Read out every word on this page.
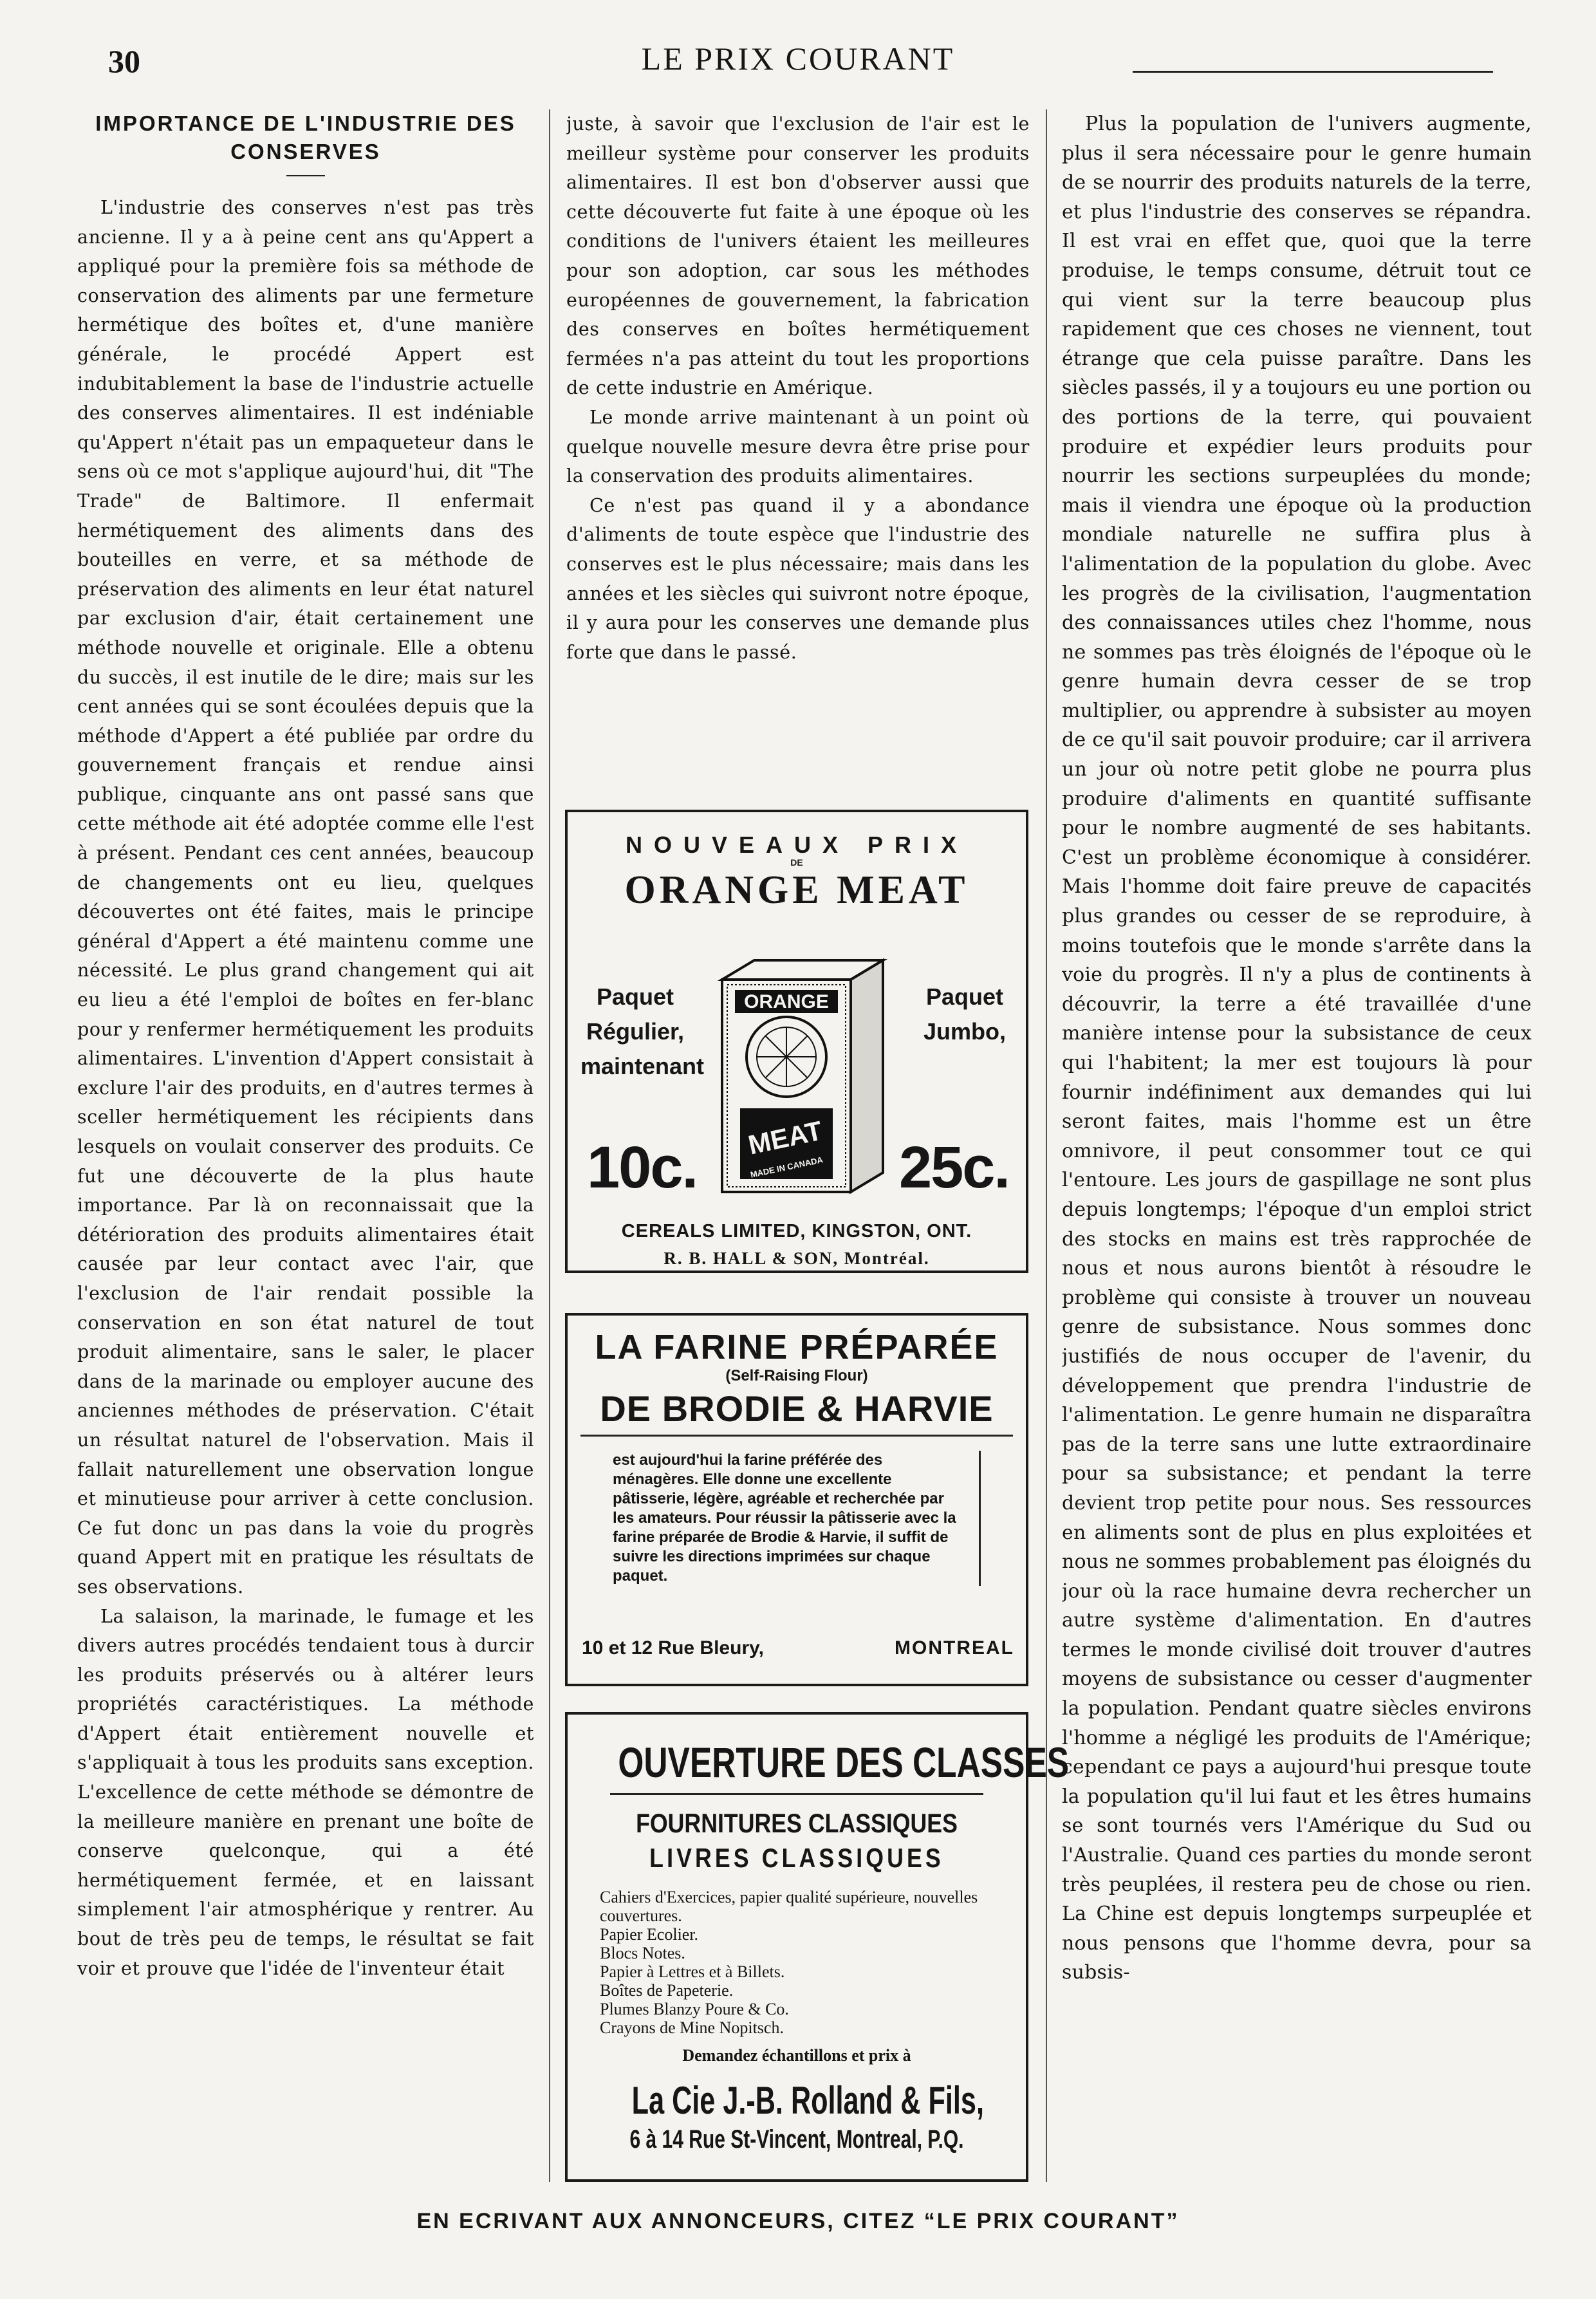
30	LE PRIX COURANT
IMPORTANCE DE L'INDUSTRIE DES CONSERVES

L'industrie des conserves n'est pas très ancienne. Il y a à peine cent ans qu'Appert a appliqué pour la première fois sa méthode de conservation des aliments par une fermeture hermétique des boîtes et, d'une manière générale, le procédé Appert est indubitablement la base de l'industrie actuelle des conserves alimentaires. Il est indéniable qu'Appert n'était pas un empaqueteur dans le sens où ce mot s'applique aujourd'hui, dit "The Trade" de Baltimore. Il enfermait hermétiquement des aliments dans des bouteilles en verre, et sa méthode de préservation des aliments en leur état naturel par exclusion d'air, était certainement une méthode nouvelle et originale. Elle a obtenu du succès, il est inutile de le dire; mais sur les cent années qui se sont écoulées depuis que la méthode d'Appert a été publiée par ordre du gouvernement français et rendue ainsi publique, cinquante ans ont passé sans que cette méthode ait été adoptée comme elle l'est à présent. Pendant ces cent années, beaucoup de changements ont eu lieu, quelques découvertes ont été faites, mais le principe général d'Appert a été maintenu comme une nécessité. Le plus grand changement qui ait eu lieu a été l'emploi de boîtes en fer-blanc pour y renfermer hermétiquement les produits alimentaires. L'invention d'Appert consistait à exclure l'air des produits, en d'autres termes à sceller hermétiquement les récipients dans lesquels on voulait conserver des produits. Ce fut une découverte de la plus haute importance. Par là on reconnaissait que la détérioration des produits alimentaires était causée par leur contact avec l'air, que l'exclusion de l'air rendait possible la conservation en son état naturel de tout produit alimentaire, sans le saler, le placer dans de la marinade ou employer aucune des anciennes méthodes de préservation. C'était un résultat naturel de l'observation. Mais il fallait naturellement une observation longue et minutieuse pour arriver à cette conclusion. Ce fut donc un pas dans la voie du progrès quand Appert mit en pratique les résultats de ses observations.

La salaison, la marinade, le fumage et les divers autres procédés tendaient tous à durcir les produits préservés ou à altérer leurs propriétés caractéristiques. La méthode d'Appert était entièrement nouvelle et s'appliquait à tous les produits sans exception. L'excellence de cette méthode se démontre de la meilleure manière en prenant une boîte de conserve quelconque, qui a été hermétiquement fermée, et en laissant simplement l'air atmosphérique y rentrer. Au bout de très peu de temps, le résultat se fait voir et prouve que l'idée de l'inventeur était

juste, à savoir que l'exclusion de l'air est le meilleur système pour conserver les produits alimentaires. Il est bon d'observer aussi que cette découverte fut faite à une époque où les conditions de l'univers étaient les meilleures pour son adoption, car sous les méthodes européennes de gouvernement, la fabrication des conserves en boîtes hermétiquement fermées n'a pas atteint du tout les proportions de cette industrie en Amérique.

Le monde arrive maintenant à un point où quelque nouvelle mesure devra être prise pour la conservation des produits alimentaires.

Ce n'est pas quand il y a abondance d'aliments de toute espèce que l'industrie des conserves est le plus nécessaire; mais dans les années et les siècles qui suivront notre époque, il y aura pour les conserves une demande plus forte que dans le passé.

Plus la population de l'univers augmente, plus il sera nécessaire pour le genre humain de se nourrir des produits naturels de la terre, et plus l'industrie des conserves se répandra. Il est vrai en effet que, quoi que la terre produise, le temps consume, détruit tout ce qui vient sur la terre beaucoup plus rapidement que ces choses ne viennent, tout étrange que cela puisse paraître. Dans les siècles passés, il y a toujours eu une portion ou des portions de la terre, qui pouvaient produire et expédier leurs produits pour nourrir les sections surpeuplées du monde; mais il viendra une époque où la production mondiale naturelle ne suffira plus à l'alimentation de la population du globe. Avec les progrès de la civilisation, l'augmentation des connaissances utiles chez l'homme, nous ne sommes pas très éloignés de l'époque où le genre humain devra cesser de se trop multiplier, ou apprendre à subsister au moyen de ce qu'il sait pouvoir produire; car il arrivera un jour où notre petit globe ne pourra plus produire d'aliments en quantité suffisante pour le nombre augmenté de ses habitants. C'est un problème économique à considérer. Mais l'homme doit faire preuve de capacités plus grandes ou cesser de se reproduire, à moins toutefois que le monde s'arrête dans la voie du progrès. Il n'y a plus de continents à découvrir, la terre a été travaillée d'une manière intense pour la subsistance de ceux qui l'habitent; la mer est toujours là pour fournir indéfiniment aux demandes qui lui seront faites, mais l'homme est un être omnivore, il peut consommer tout ce qui l'entoure. Les jours de gaspillage ne sont plus depuis longtemps; l'époque d'un emploi strict des stocks en mains est très rapprochée de nous et nous aurons bientôt à résoudre le problème qui consiste à trouver un nouveau genre de subsistance. Nous sommes donc justifiés de nous occuper de l'avenir, du développement que prendra l'industrie de l'alimentation. Le genre humain ne disparaîtra pas de la terre sans une lutte extraordinaire pour sa subsistance; et pendant la terre devient trop petite pour nous. Ses ressources en aliments sont de plus en plus exploitées et nous ne sommes probablement pas éloignés du jour où la race humaine devra rechercher un autre système d'alimentation. En d'autres termes le monde civilisé doit trouver d'autres moyens de subsistance ou cesser d'augmenter la population. Pendant quatre siècles environs l'homme a négligé les produits de l'Amérique; cependant ce pays a aujourd'hui presque toute la population qu'il lui faut et les êtres humains se sont tournés vers l'Amérique du Sud ou l'Australie. Quand ces parties du monde seront très peuplées, il restera peu de chose ou rien. La Chine est depuis longtemps surpeuplée et nous pensons que l'homme devra, pour sa subsis-

NOUVEAUX PRIX
DE
ORANGE MEAT
Paquet Régulier, maintenant
Paquet Jumbo,
10c.	25c.
ORANGE
MEAT
MADE IN CANADA
CEREALS LIMITED, KINGSTON, ONT.
R. B. HALL & SON, Montréal.
LA FARINE PRÉPARÉE
(Self-Raising Flour)
DE BRODIE & HARVIE
est aujourd'hui la farine préférée des ménagères. Elle donne une excellente pâtisserie, légère, agréable et recherchée par les amateurs. Pour réussir la pâtisserie avec la farine préparée de Brodie & Harvie, il suffit de suivre les directions imprimées sur chaque paquet.
10 et 12 Rue Bleury,	MONTREAL
OUVERTURE DES CLASSES
FOURNITURES CLASSIQUES
LIVRES CLASSIQUES
Cahiers d'Exercices, papier qualité supérieure, nouvelles couvertures.
Papier Ecolier.
Blocs Notes.
Papier à Lettres et à Billets.
Boîtes de Papeterie.
Plumes Blanzy Poure & Co.
Crayons de Mine Nopitsch.
Demandez échantillons et prix à
La Cie J.-B. Rolland & Fils,
6 à 14 Rue St-Vincent, Montreal, P.Q.
EN ECRIVANT AUX ANNONCEURS, CITEZ “LE PRIX COURANT”
